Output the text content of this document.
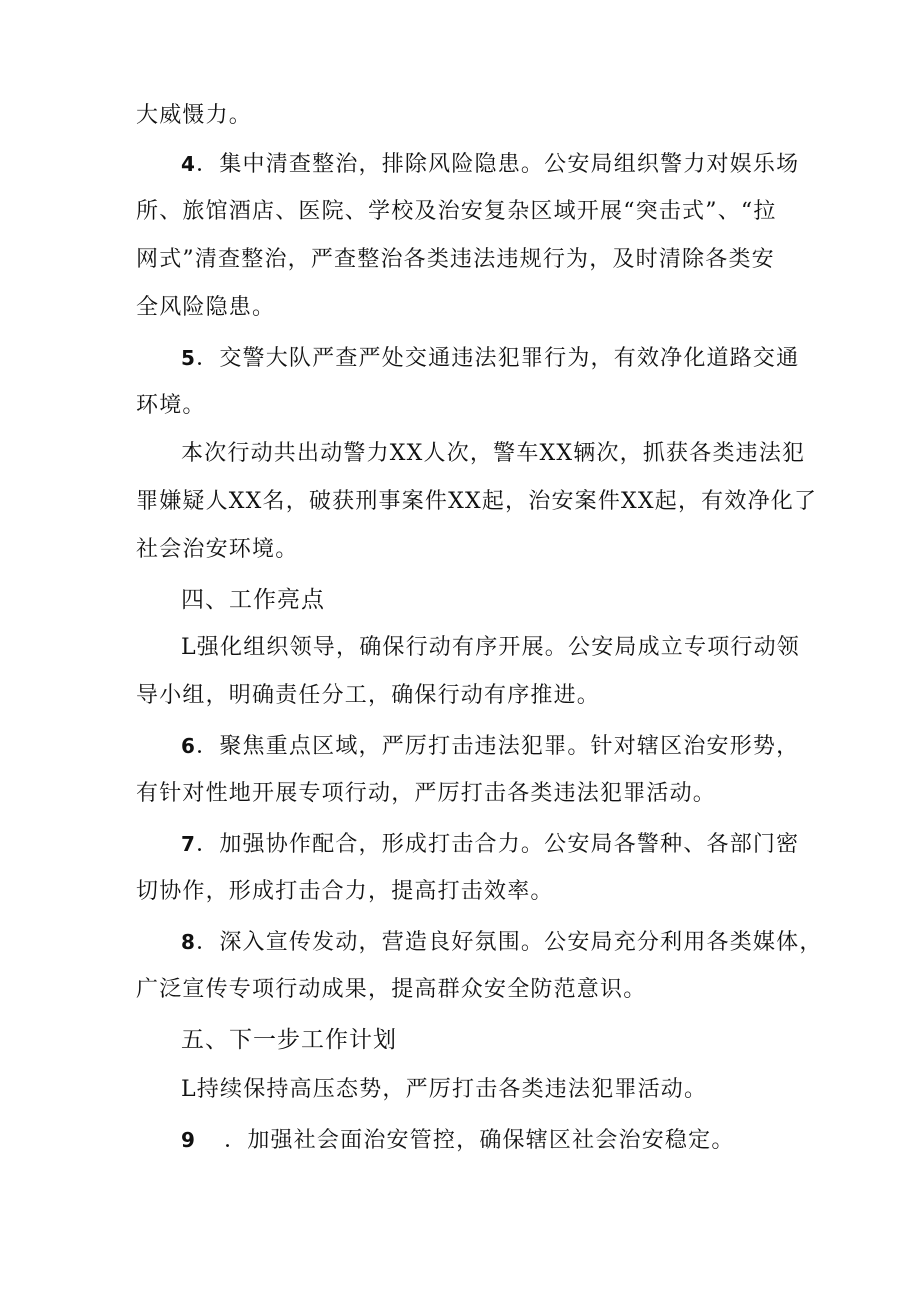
大威慑力。

4．集中清查整治，排除风险隐患。公安局组织警力对娱乐场
所、旅馆酒店、医院、学校及治安复杂区域开展“突击式”、“拉
网式”清查整治，严查整治各类违法违规行为，及时清除各类安
全风险隐患。

5．交警大队严查严处交通违法犯罪行为，有效净化道路交通
环境。

本次行动共出动警力XX人次，警车XX辆次，抓获各类违法犯
罪嫌疑人XX名，破获刑事案件XX起，治安案件XX起，有效净化了
社会治安环境。

四、工作亮点

L强化组织领导，确保行动有序开展。公安局成立专项行动领
导小组，明确责任分工，确保行动有序推进。

6．聚焦重点区域，严厉打击违法犯罪。针对辖区治安形势，
有针对性地开展专项行动，严厉打击各类违法犯罪活动。

7．加强协作配合，形成打击合力。公安局各警种、各部门密
切协作，形成打击合力，提高打击效率。

8．深入宣传发动，营造良好氛围。公安局充分利用各类媒体，
广泛宣传专项行动成果，提高群众安全防范意识。

五、下一步工作计划

L持续保持高压态势，严厉打击各类违法犯罪活动。

9 ．加强社会面治安管控，确保辖区社会治安稳定。
